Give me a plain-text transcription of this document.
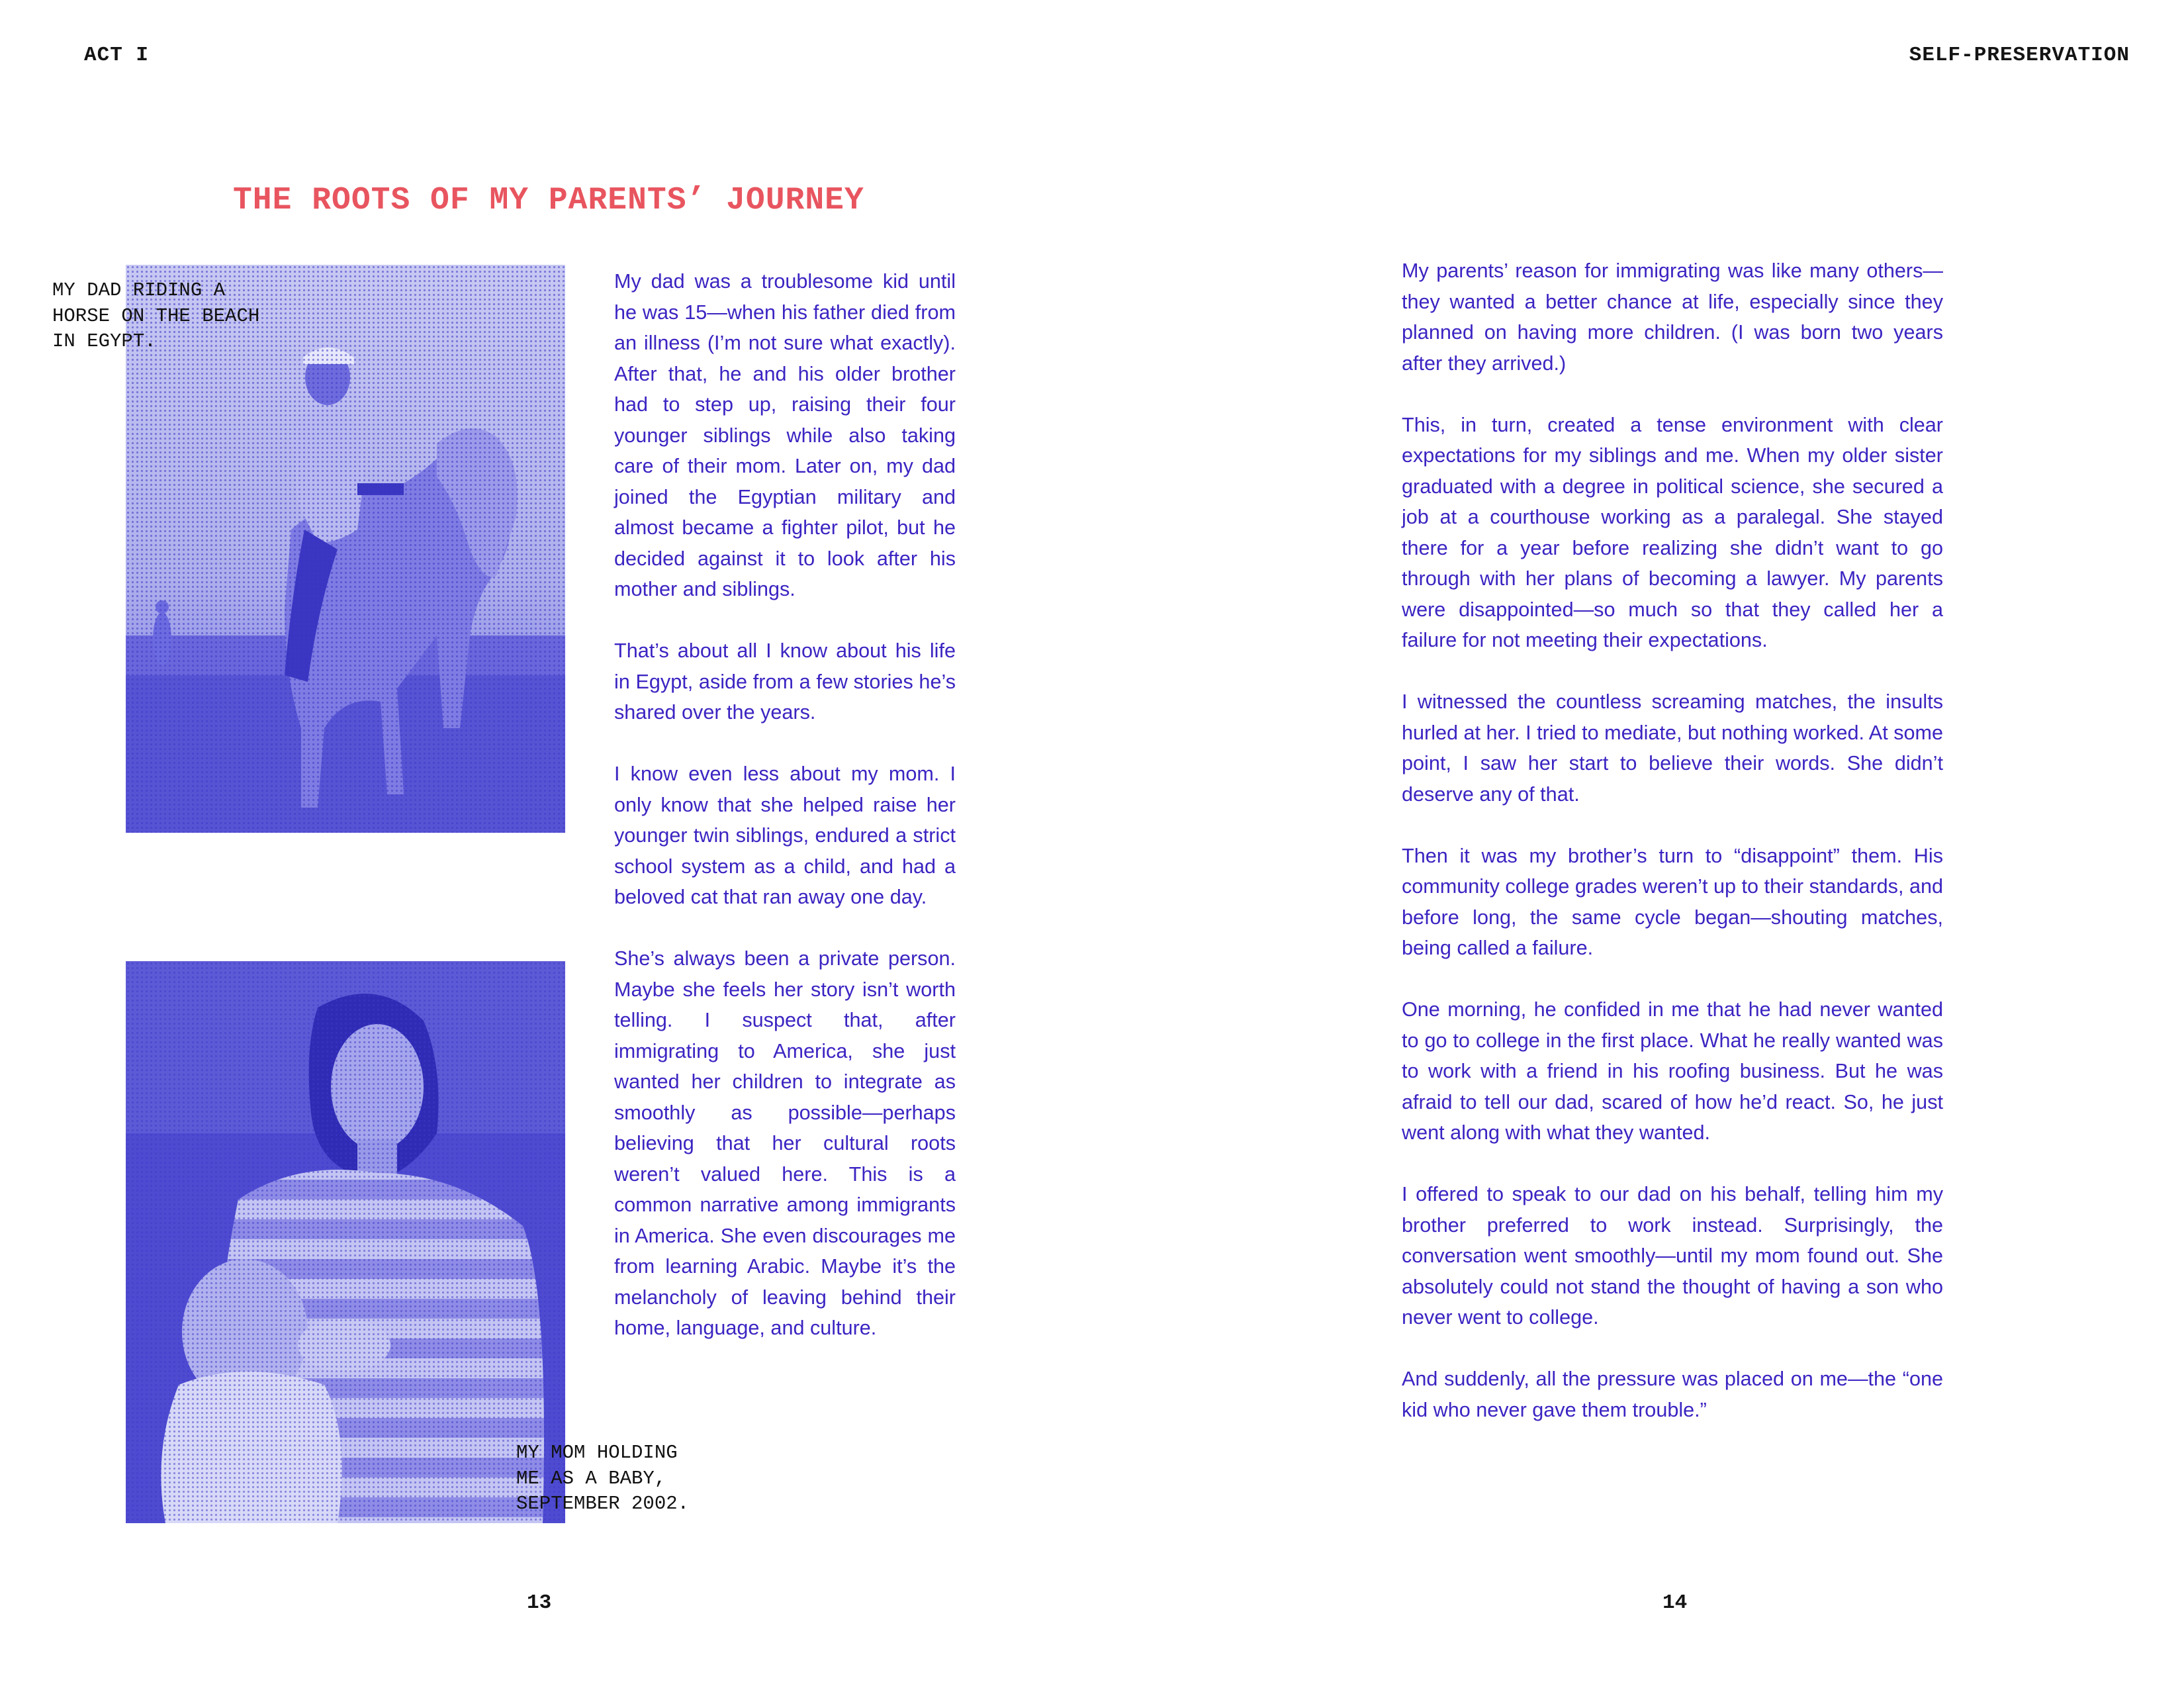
ACT I	SELF-PRESERVATION
THE ROOTS OF MY PARENTS’ JOURNEY
MY DAD RIDING A
HORSE ON THE BEACH
IN EGYPT.
MY MOM HOLDING
ME AS A BABY,
SEPTEMBER 2002.

My dad was a troublesome kid until he was 15—when his father died from an illness (I’m not sure what exactly). After that, he and his older brother had to step up, raising their four younger siblings while also taking care of their mom. Later on, my dad joined the Egyptian military and almost became a fighter pilot, but he decided against it to look after his mother and siblings.

That’s about all I know about his life in Egypt, aside from a few stories he’s shared over the years.

I know even less about my mom. I only know that she helped raise her younger twin siblings, endured a strict school system as a child, and had a beloved cat that ran away one day.

She’s always been a private person. Maybe she feels her story isn’t worth telling. I suspect that, after immigrating to America, she just wanted her children to integrate as smoothly as possible—perhaps believing that her cultural roots weren’t valued here. This is a common narrative among immigrants in America. She even discourages me from learning Arabic. Maybe it’s the melancholy of leaving behind their home, language, and culture.

My parents’ reason for immigrating was like many others—they wanted a better chance at life, especially since they planned on having more children. (I was born two years after they arrived.)

This, in turn, created a tense environment with clear expectations for my siblings and me. When my older sister graduated with a degree in political science, she secured a job at a courthouse working as a paralegal. She stayed there for a year before realizing she didn’t want to go through with her plans of becoming a lawyer. My parents were disappointed—so much so that they called her a failure for not meeting their expectations.

I witnessed the countless screaming matches, the insults hurled at her. I tried to mediate, but nothing worked. At some point, I saw her start to believe their words. She didn’t deserve any of that.

Then it was my brother’s turn to “disappoint” them. His community college grades weren’t up to their standards, and before long, the same cycle began—shouting matches, being called a failure.

One morning, he confided in me that he had never wanted to go to college in the first place. What he really wanted was to work with a friend in his roofing business. But he was afraid to tell our dad, scared of how he’d react. So, he just went along with what they wanted.

I offered to speak to our dad on his behalf, telling him my brother preferred to work instead. Surprisingly, the conversation went smoothly—until my mom found out. She absolutely could not stand the thought of having a son who never went to college.

And suddenly, all the pressure was placed on me—the “one kid who never gave them trouble.”

13	14
